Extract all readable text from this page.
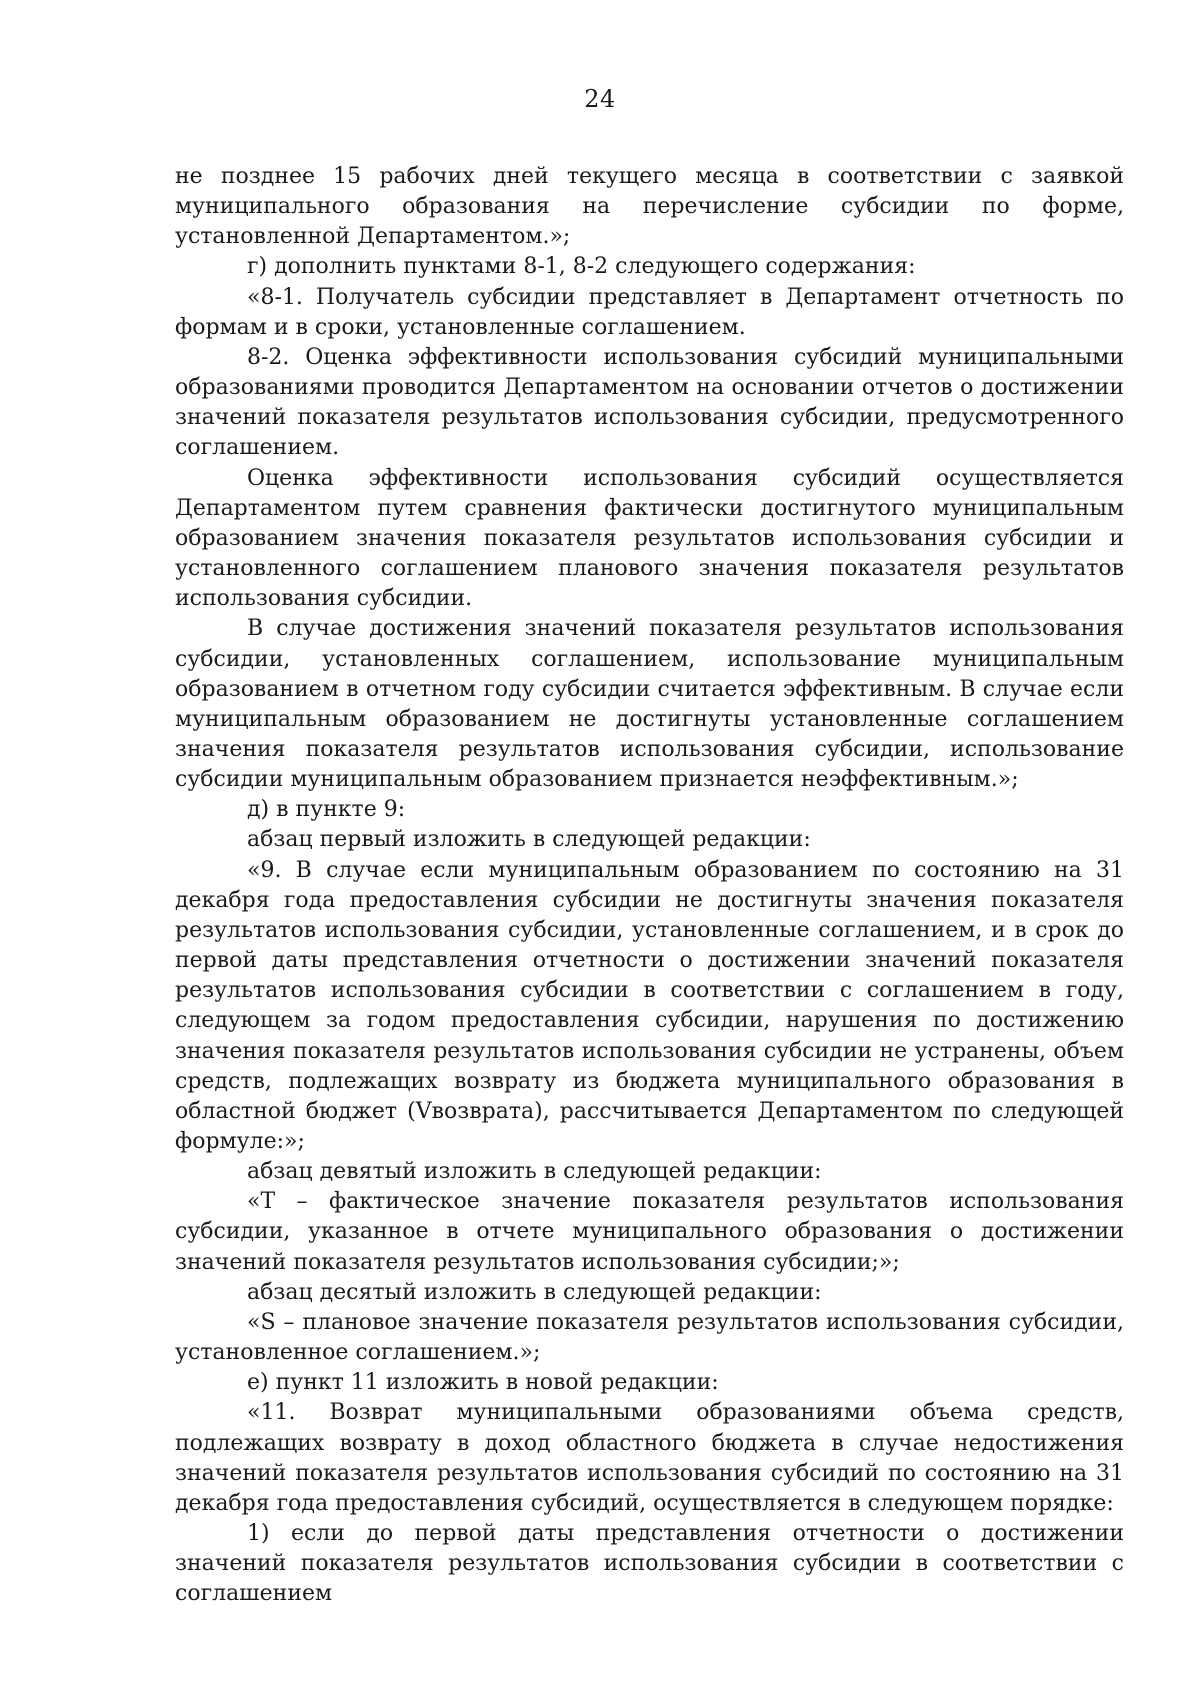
24

не позднее 15 рабочих дней текущего месяца в соответствии с заявкой муниципального образования на перечисление субсидии по форме, установленной Департаментом.»;

г) дополнить пунктами 8-1, 8-2 следующего содержания:

«8-1. Получатель субсидии представляет в Департамент отчетность по формам и в сроки, установленные соглашением.

8-2. Оценка эффективности использования субсидий муниципальными образованиями проводится Департаментом на основании отчетов о достижении значений показателя результатов использования субсидии, предусмотренного соглашением.

Оценка эффективности использования субсидий осуществляется Департаментом путем сравнения фактически достигнутого муниципальным образованием значения показателя результатов использования субсидии и установленного соглашением планового значения показателя результатов использования субсидии.

В случае достижения значений показателя результатов использования субсидии, установленных соглашением, использование муниципальным образованием в отчетном году субсидии считается эффективным. В случае если муниципальным образованием не достигнуты установленные соглашением значения показателя результатов использования субсидии, использование субсидии муниципальным образованием признается неэффективным.»;

д) в пункте 9:

абзац первый изложить в следующей редакции:

«9. В случае если муниципальным образованием по состоянию на 31 декабря года предоставления субсидии не достигнуты значения показателя результатов использования субсидии, установленные соглашением, и в срок до первой даты представления отчетности о достижении значений показателя результатов использования субсидии в соответствии с соглашением в году, следующем за годом предоставления субсидии, нарушения по достижению значения показателя результатов использования субсидии не устранены, объем средств, подлежащих возврату из бюджета муниципального образования в областной бюджет (Vвозврата), рассчитывается Департаментом по следующей формуле:»;

абзац девятый изложить в следующей редакции:

«T – фактическое значение показателя результатов использования субсидии, указанное в отчете муниципального образования о достижении значений показателя результатов использования субсидии;»;

абзац десятый изложить в следующей редакции:

«S – плановое значение показателя результатов использования субсидии, установленное соглашением.»;

е) пункт 11 изложить в новой редакции:

«11. Возврат муниципальными образованиями объема средств, подлежащих возврату в доход областного бюджета в случае недостижения значений показателя результатов использования субсидий по состоянию на 31 декабря года предоставления субсидий, осуществляется в следующем порядке:

1) если до первой даты представления отчетности о достижении значений показателя результатов использования субсидии в соответствии с соглашением
